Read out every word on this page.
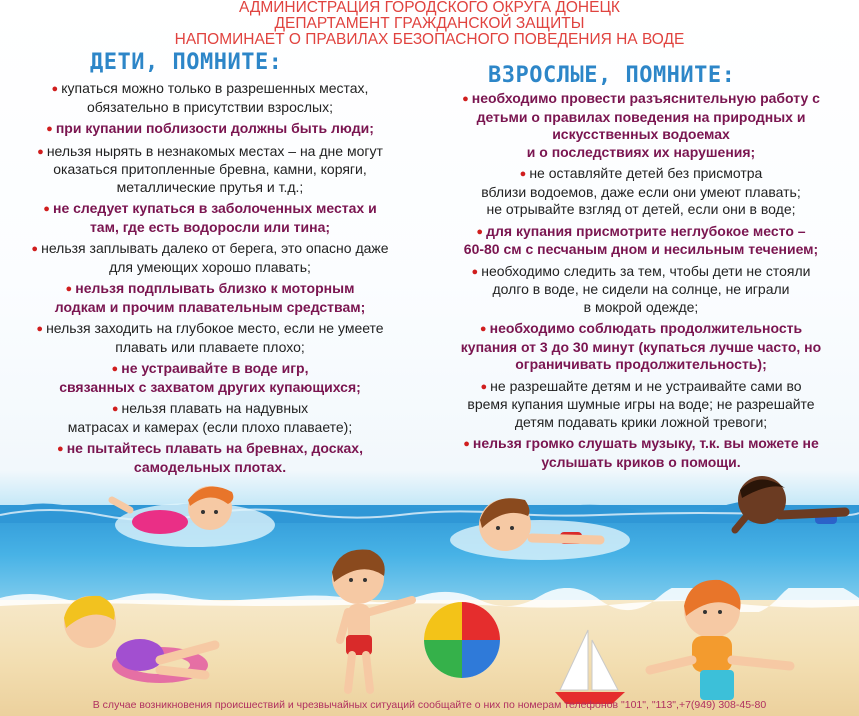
АДМИНИСТРАЦИЯ ГОРОДСКОГО ОКРУГА ДОНЕЦК
ДЕПАРТАМЕНТ ГРАЖДАНСКОЙ ЗАЩИТЫ
НАПОМИНАЕТ О ПРАВИЛАХ БЕЗОПАСНОГО ПОВЕДЕНИЯ НА ВОДЕ
ДЕТИ, ПОМНИТЕ:
ВЗРОСЛЫЕ, ПОМНИТЕ:
● купаться можно только в разрешенных местах,
обязательно в присутствии взрослых;
● при купании поблизости должны быть люди;
● нельзя нырять в незнакомых местах – на дне могут
оказаться притопленные бревна, камни, коряги,
металлические прутья и т.д.;
● не следует купаться в заболоченных местах и
там, где есть водоросли или тина;
● нельзя заплывать далеко от берега, это опасно даже
для умеющих хорошо плавать;
● нельзя подплывать близко к моторным
лодкам и прочим плавательным средствам;
● нельзя заходить на глубокое место, если не умеете
плавать или плаваете плохо;
● не устраивайте в воде игр,
связанных с захватом других купающихся;
● нельзя плавать на надувных
матрасах и камерах (если плохо плаваете);
● не пытайтесь плавать на бревнах, досках,
самодельных плотах.
● необходимо провести разъяснительную работу с
детьми о правилах поведения на природных и
искусственных водоемах
и о последствиях их нарушения;
● не оставляйте детей без присмотра
вблизи водоемов, даже если они умеют плавать;
не отрывайте взгляд от детей, если они в воде;
● для купания присмотрите неглубокое место –
60-80 см с песчаным дном и несильным течением;
● необходимо следить за тем, чтобы дети не стояли
долго в воде, не сидели на солнце, не играли
в мокрой одежде;
● необходимо соблюдать продолжительность
купания от 3 до 30 минут (купаться лучше часто, но
ограничивать продолжительность);
● не разрешайте детям и не устраивайте сами во
время купания шумные игры на воде; не разрешайте
детям подавать крики ложной тревоги;
● нельзя громко слушать музыку, т.к. вы можете не
услышать криков о помощи.
В случае возникновения происшествий и чрезвычайных ситуаций сообщайте о них по номерам телефонов "101", "113",+7(949) 308-45-80
